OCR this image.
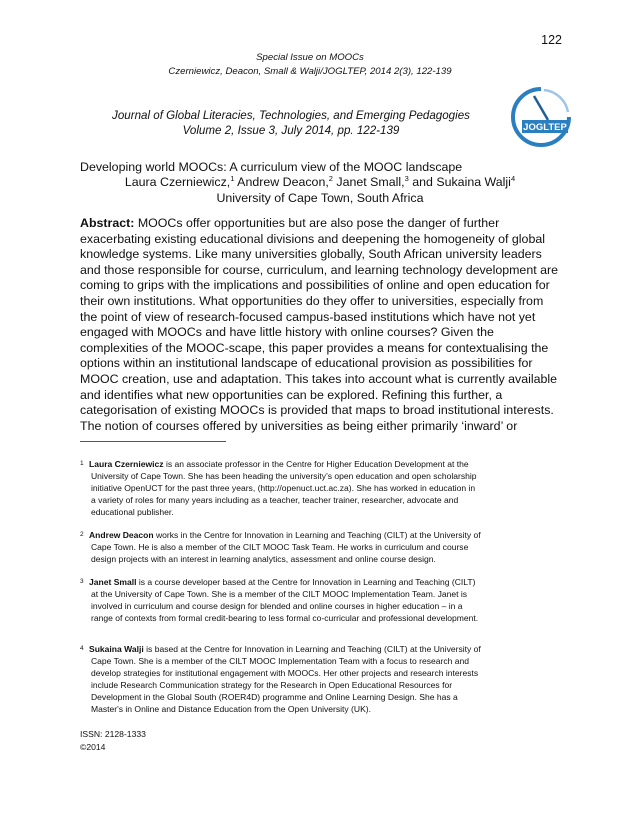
122
Special Issue on MOOCs
Czerniewicz, Deacon, Small & Walji/JOGLTEP, 2014 2(3), 122-139
Journal of Global Literacies, Technologies, and Emerging Pedagogies
Volume 2, Issue 3, July 2014, pp. 122-139	JOGLTEP
Developing world MOOCs: A curriculum view of the MOOC landscape
Laura Czerniewicz,$^1$ Andrew Deacon,$^2$ Janet Small,$^3$ and Sukaina Walji$^4$
University of Cape Town, South Africa
Abstract: MOOCs offer opportunities but are also pose the danger of further
exacerbating existing educational divisions and deepening the homogeneity of global
knowledge systems. Like many universities globally, South African university leaders
and those responsible for course, curriculum, and learning technology development are
coming to grips with the implications and possibilities of online and open education for
their own institutions. What opportunities do they offer to universities, especially from
the point of view of research-focused campus-based institutions which have not yet
engaged with MOOCs and have little history with online courses? Given the
complexities of the MOOC-scape, this paper provides a means for contextualising the
options within an institutional landscape of educational provision as possibilities for
MOOC creation, use and adaptation. This takes into account what is currently available
and identifies what new opportunities can be explored. Refining this further, a
categorisation of existing MOOCs is provided that maps to broad institutional interests.
The notion of courses offered by universities as being either primarily ‘inward’ or
1 Laura Czerniewicz is an associate professor in the Centre for Higher Education Development at the
University of Cape Town. She has been heading the university’s open education and open scholarship
initiative OpenUCT for the past three years, (http://openuct.uct.ac.za). She has worked in education in
a variety of roles for many years including as a teacher, teacher trainer, researcher, advocate and
educational publisher.
2 Andrew Deacon works in the Centre for Innovation in Learning and Teaching (CILT) at the University of
Cape Town. He is also a member of the CILT MOOC Task Team. He works in curriculum and course
design projects with an interest in learning analytics, assessment and online course design.
3 Janet Small is a course developer based at the Centre for Innovation in Learning and Teaching (CILT)
at the University of Cape Town. She is a member of the CILT MOOC Implementation Team. Janet is
involved in curriculum and course design for blended and online courses in higher education – in a
range of contexts from formal credit-bearing to less formal co-curricular and professional development.
4 Sukaina Walji is based at the Centre for Innovation in Learning and Teaching (CILT) at the University of
Cape Town. She is a member of the CILT MOOC Implementation Team with a focus to research and
develop strategies for institutional engagement with MOOCs. Her other projects and research interests
include Research Communication strategy for the Research in Open Educational Resources for
Development in the Global South (ROER4D) programme and Online Learning Design. She has a
Master's in Online and Distance Education from the Open University (UK).
ISSN: 2128-1333
©2014
